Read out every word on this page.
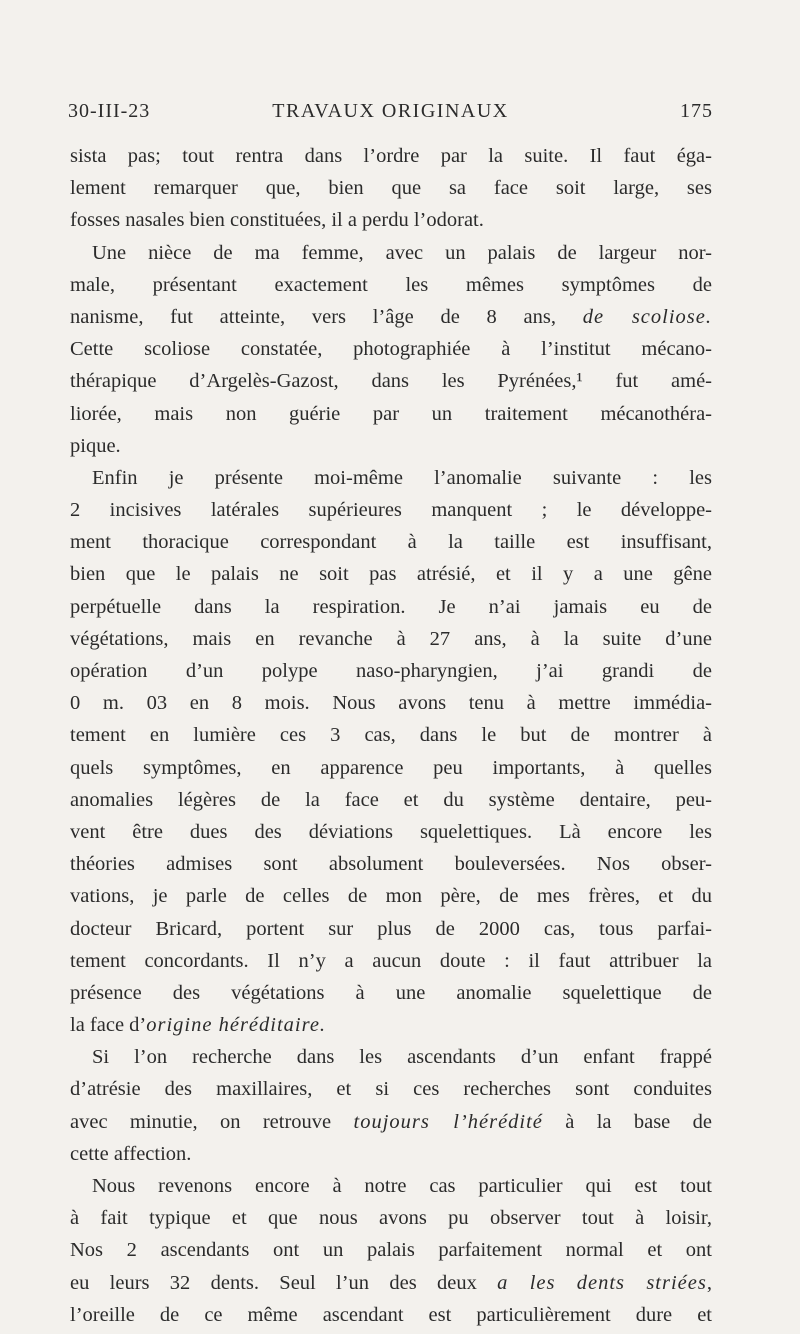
30-III-23	TRAVAUX ORIGINAUX	175
sista pas; tout rentra dans l’ordre par la suite. Il faut éga-
lement remarquer que, bien que sa face soit large, ses
fosses nasales bien constituées, il a perdu l’odorat.
Une nièce de ma femme, avec un palais de largeur nor-
male, présentant exactement les mêmes symptômes de
nanisme, fut atteinte, vers l’âge de 8 ans, de scoliose.
Cette scoliose constatée, photographiée à l’institut mécano-
thérapique d’Argelès-Gazost, dans les Pyrénées,¹ fut amé-
liorée, mais non guérie par un traitement mécanothéra-
pique.
Enfin je présente moi-même l’anomalie suivante : les
2 incisives latérales supérieures manquent ; le développe-
ment thoracique correspondant à la taille est insuffisant,
bien que le palais ne soit pas atrésié, et il y a une gêne
perpétuelle dans la respiration. Je n’ai jamais eu de
végétations, mais en revanche à 27 ans, à la suite d’une
opération d’un polype naso-pharyngien, j’ai grandi de
0 m. 03 en 8 mois. Nous avons tenu à mettre immédia-
tement en lumière ces 3 cas, dans le but de montrer à
quels symptômes, en apparence peu importants, à quelles
anomalies légères de la face et du système dentaire, peu-
vent être dues des déviations squelettiques. Là encore les
théories admises sont absolument bouleversées. Nos obser-
vations, je parle de celles de mon père, de mes frères, et du
docteur Bricard, portent sur plus de 2000 cas, tous parfai-
tement concordants. Il n’y a aucun doute : il faut attribuer la
présence des végétations à une anomalie squelettique de
la face d’origine héréditaire.
Si l’on recherche dans les ascendants d’un enfant frappé
d’atrésie des maxillaires, et si ces recherches sont conduites
avec minutie, on retrouve toujours l’hérédité à la base de
cette affection.
Nous revenons encore à notre cas particulier qui est tout
à fait typique et que nous avons pu observer tout à loisir,
Nos 2 ascendants ont un palais parfaitement normal et ont
eu leurs 32 dents. Seul l’un des deux a les dents striées,
l’oreille de ce même ascendant est particulièrement dure et
